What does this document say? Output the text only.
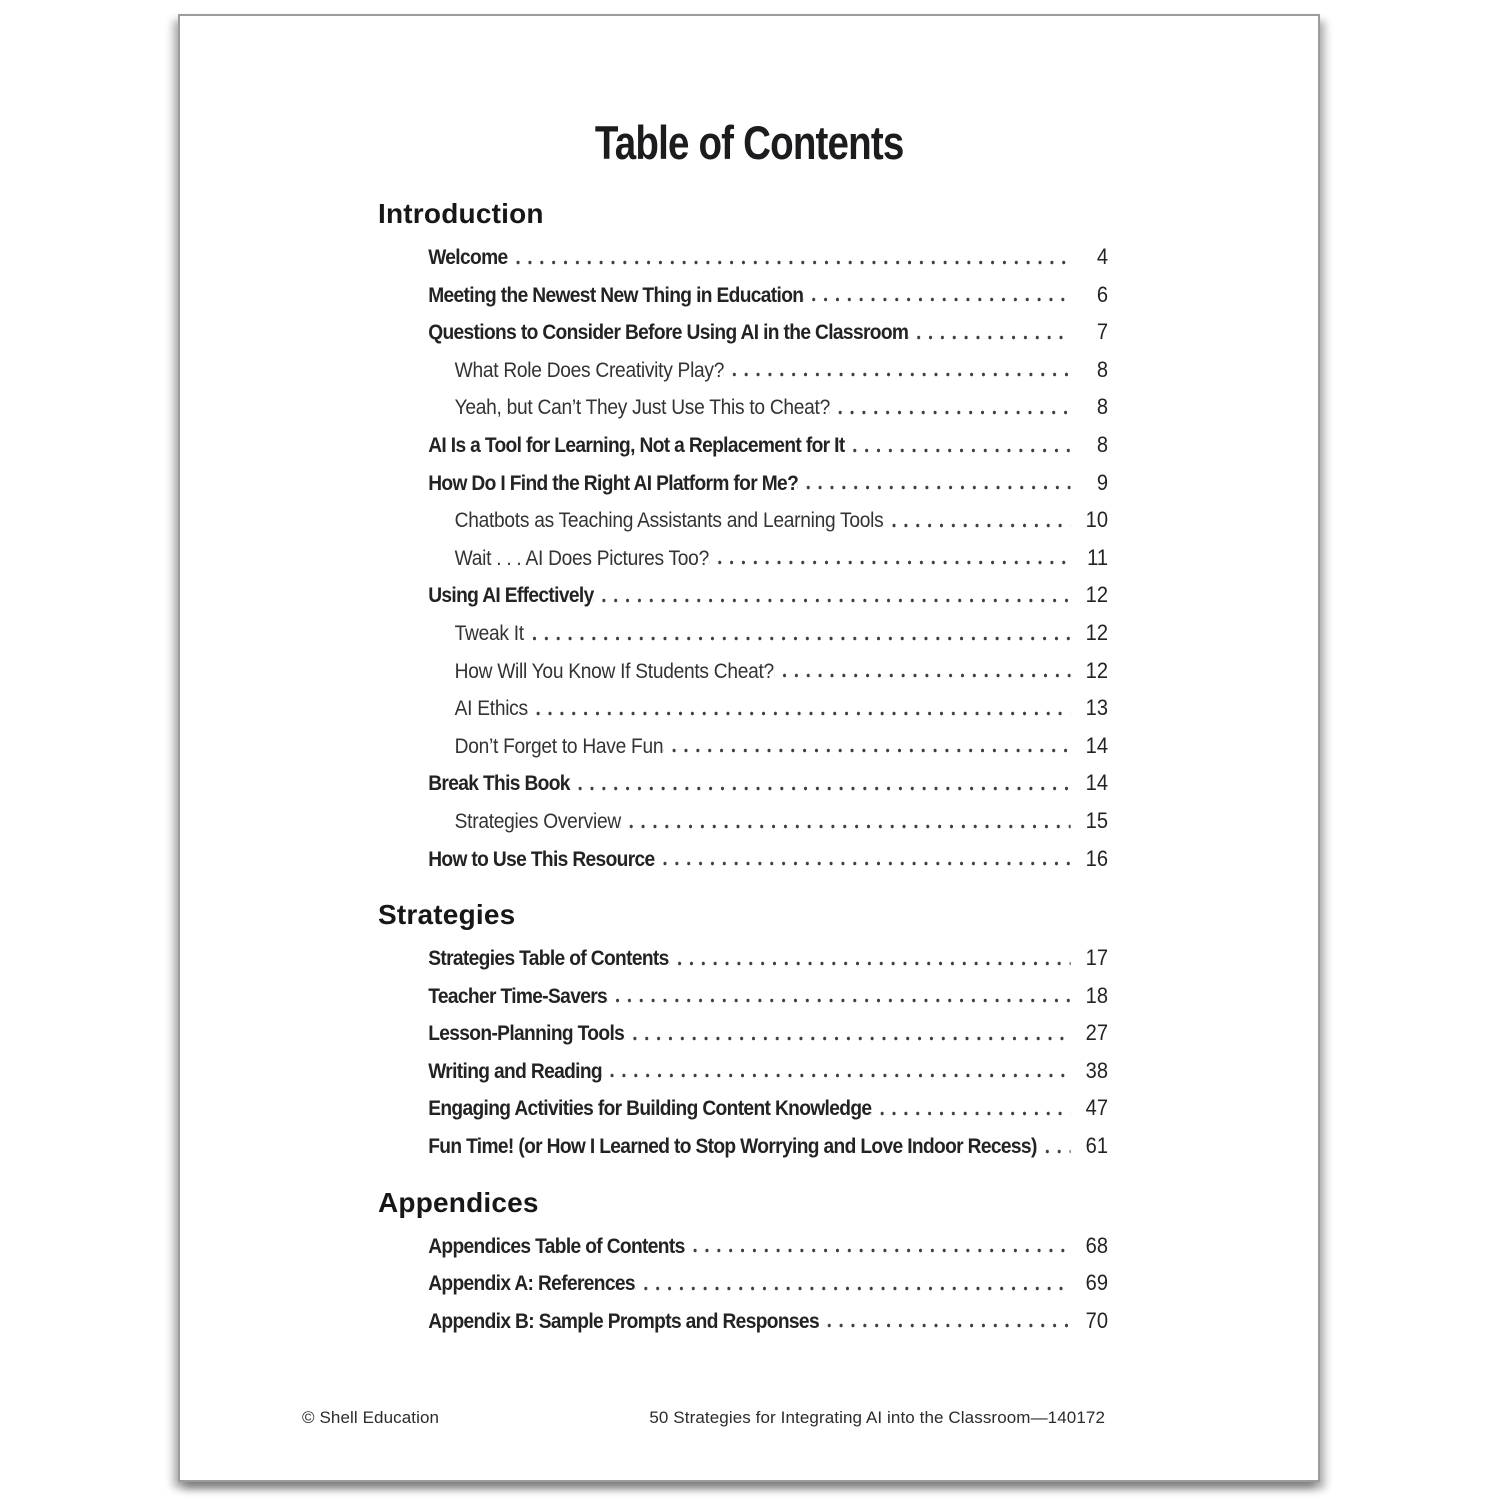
Table of Contents
Introduction
Welcome	4
Meeting the Newest New Thing in Education	6
Questions to Consider Before Using AI in the Classroom	7
What Role Does Creativity Play?	8
Yeah, but Can’t They Just Use This to Cheat?	8
AI Is a Tool for Learning, Not a Replacement for It	8
How Do I Find the Right AI Platform for Me?	9
Chatbots as Teaching Assistants and Learning Tools	10
Wait . . . AI Does Pictures Too?	11
Using AI Effectively	12
Tweak It	12
How Will You Know If Students Cheat?	12
AI Ethics	13
Don’t Forget to Have Fun	14
Break This Book	14
Strategies Overview	15
How to Use This Resource	16
Strategies
Strategies Table of Contents	17
Teacher Time-Savers	18
Lesson-Planning Tools	27
Writing and Reading	38
Engaging Activities for Building Content Knowledge	47
Fun Time! (or How I Learned to Stop Worrying and Love Indoor Recess)	61
Appendices
Appendices Table of Contents	68
Appendix A: References	69
Appendix B: Sample Prompts and Responses	70
© Shell Education	50 Strategies for Integrating AI into the Classroom—140172
